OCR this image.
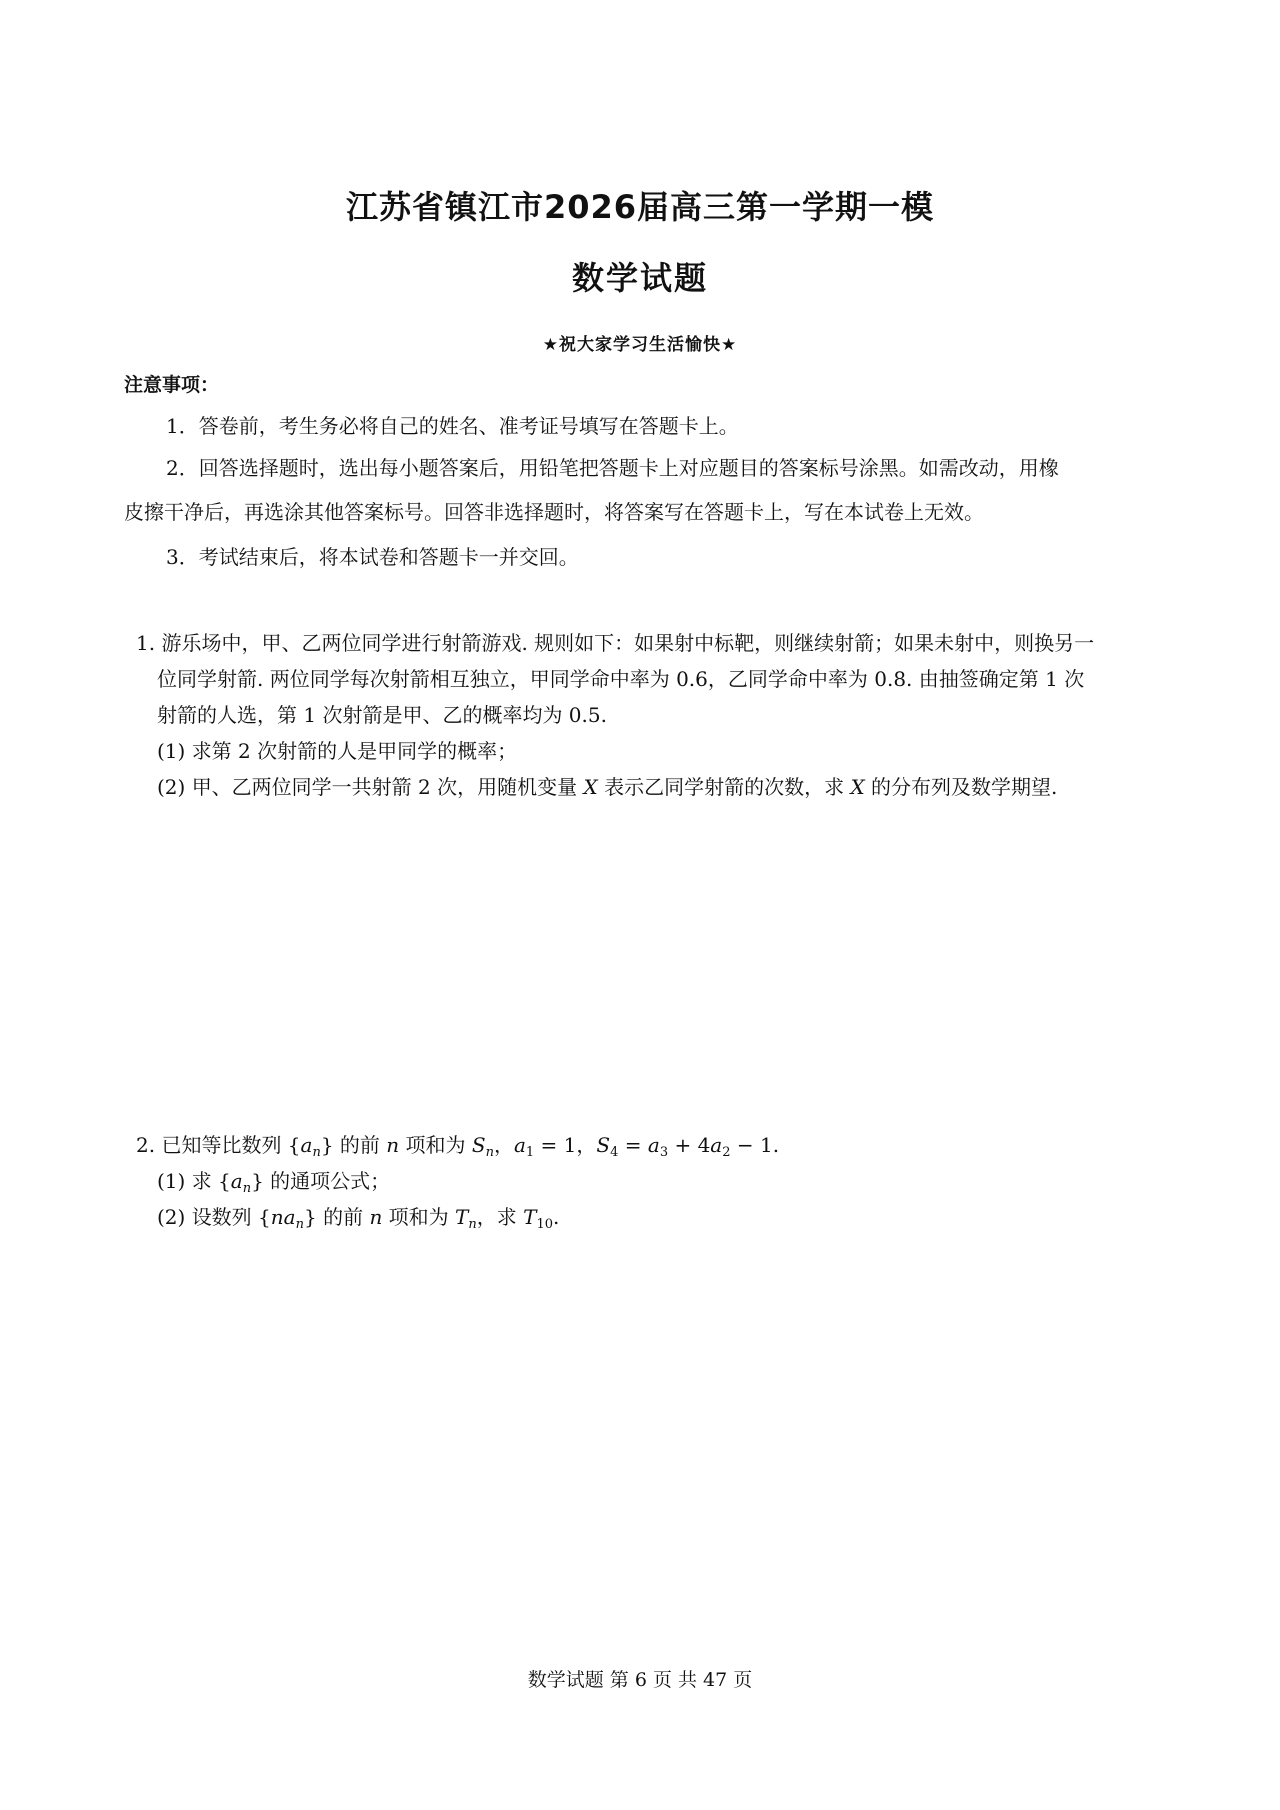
江苏省镇江市2026届高三第一学期一模
数学试题
★祝大家学习生活愉快★
注意事项：
1．答卷前，考生务必将自己的姓名、准考证号填写在答题卡上。
2．回答选择题时，选出每小题答案后，用铅笔把答题卡上对应题目的答案标号涂黑。如需改动，用橡
皮擦干净后，再选涂其他答案标号。回答非选择题时，将答案写在答题卡上，写在本试卷上无效。
3．考试结束后，将本试卷和答题卡一并交回。
1. 游乐场中，甲、乙两位同学进行射箭游戏. 规则如下：如果射中标靶，则继续射箭；如果未射中，则换另一
位同学射箭. 两位同学每次射箭相互独立，甲同学命中率为 0.6，乙同学命中率为 0.8. 由抽签确定第 1 次
射箭的人选，第 1 次射箭是甲、乙的概率均为 0.5.
(1) 求第 2 次射箭的人是甲同学的概率；
(2) 甲、乙两位同学一共射箭 2 次，用随机变量 X 表示乙同学射箭的次数，求 X 的分布列及数学期望.
2. 已知等比数列 $\{a_n\}$ 的前 n 项和为 $S_n$，$a_1 = 1$，$S_4 = a_3 + 4a_2 - 1$.
(1) 求 $\{a_n\}$ 的通项公式；
(2) 设数列 $\{na_n\}$ 的前 n 项和为 $T_n$，求 $T_{10}$.
数学试题 第 6 页 共 47 页
